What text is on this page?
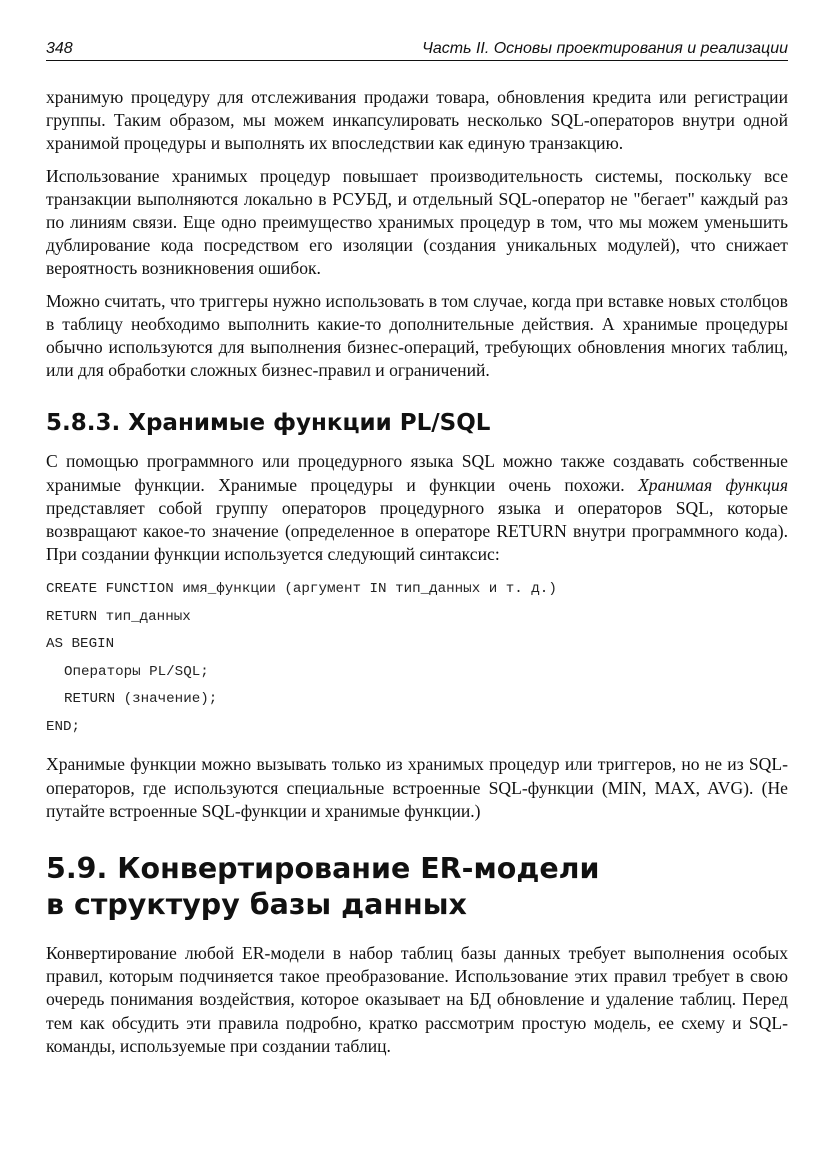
348	Часть II. Основы проектирования и реализации

хранимую процедуру для отслеживания продажи товара, обновления кредита или регистрации группы. Таким образом, мы можем инкапсулировать несколько SQL-операторов внутри одной хранимой процедуры и выполнять их впоследствии как единую транзакцию.

Использование хранимых процедур повышает производительность системы, поскольку все транзакции выполняются локально в РСУБД, и отдельный SQL-оператор не "бегает" каждый раз по линиям связи. Еще одно преимущество хранимых процедур в том, что мы можем уменьшить дублирование кода посредством его изоляции (создания уникальных модулей), что снижает вероятность возникновения ошибок.

Можно считать, что триггеры нужно использовать в том случае, когда при вставке новых столбцов в таблицу необходимо выполнить какие-то дополнительные действия. А хранимые процедуры обычно используются для выполнения бизнес-операций, требующих обновления многих таблиц, или для обработки сложных бизнес-правил и ограничений.

5.8.3. Хранимые функции PL/SQL

С помощью программного или процедурного языка SQL можно также создавать собственные хранимые функции. Хранимые процедуры и функции очень похожи. Хранимая функция представляет собой группу операторов процедурного языка и операторов SQL, которые возвращают какое-то значение (определенное в операторе RETURN внутри программного кода). При создании функции используется следующий синтаксис:

CREATE FUNCTION имя_функции (аргумент IN тип_данных и т. д.)
RETURN тип_данных
AS BEGIN
Операторы PL/SQL;
RETURN (значение);
END;

Хранимые функции можно вызывать только из хранимых процедур или триггеров, но не из SQL-операторов, где используются специальные встроенные SQL-функции (MIN, MAX, AVG). (Не путайте встроенные SQL-функции и хранимые функции.)

5.9. Конвертирование ER-модели
в структуру базы данных

Конвертирование любой ER-модели в набор таблиц базы данных требует выполнения особых правил, которым подчиняется такое преобразование. Использование этих правил требует в свою очередь понимания воздействия, которое оказывает на БД обновление и удаление таблиц. Перед тем как обсудить эти правила подробно, кратко рассмотрим простую модель, ее схему и SQL-команды, используемые при создании таблиц.
